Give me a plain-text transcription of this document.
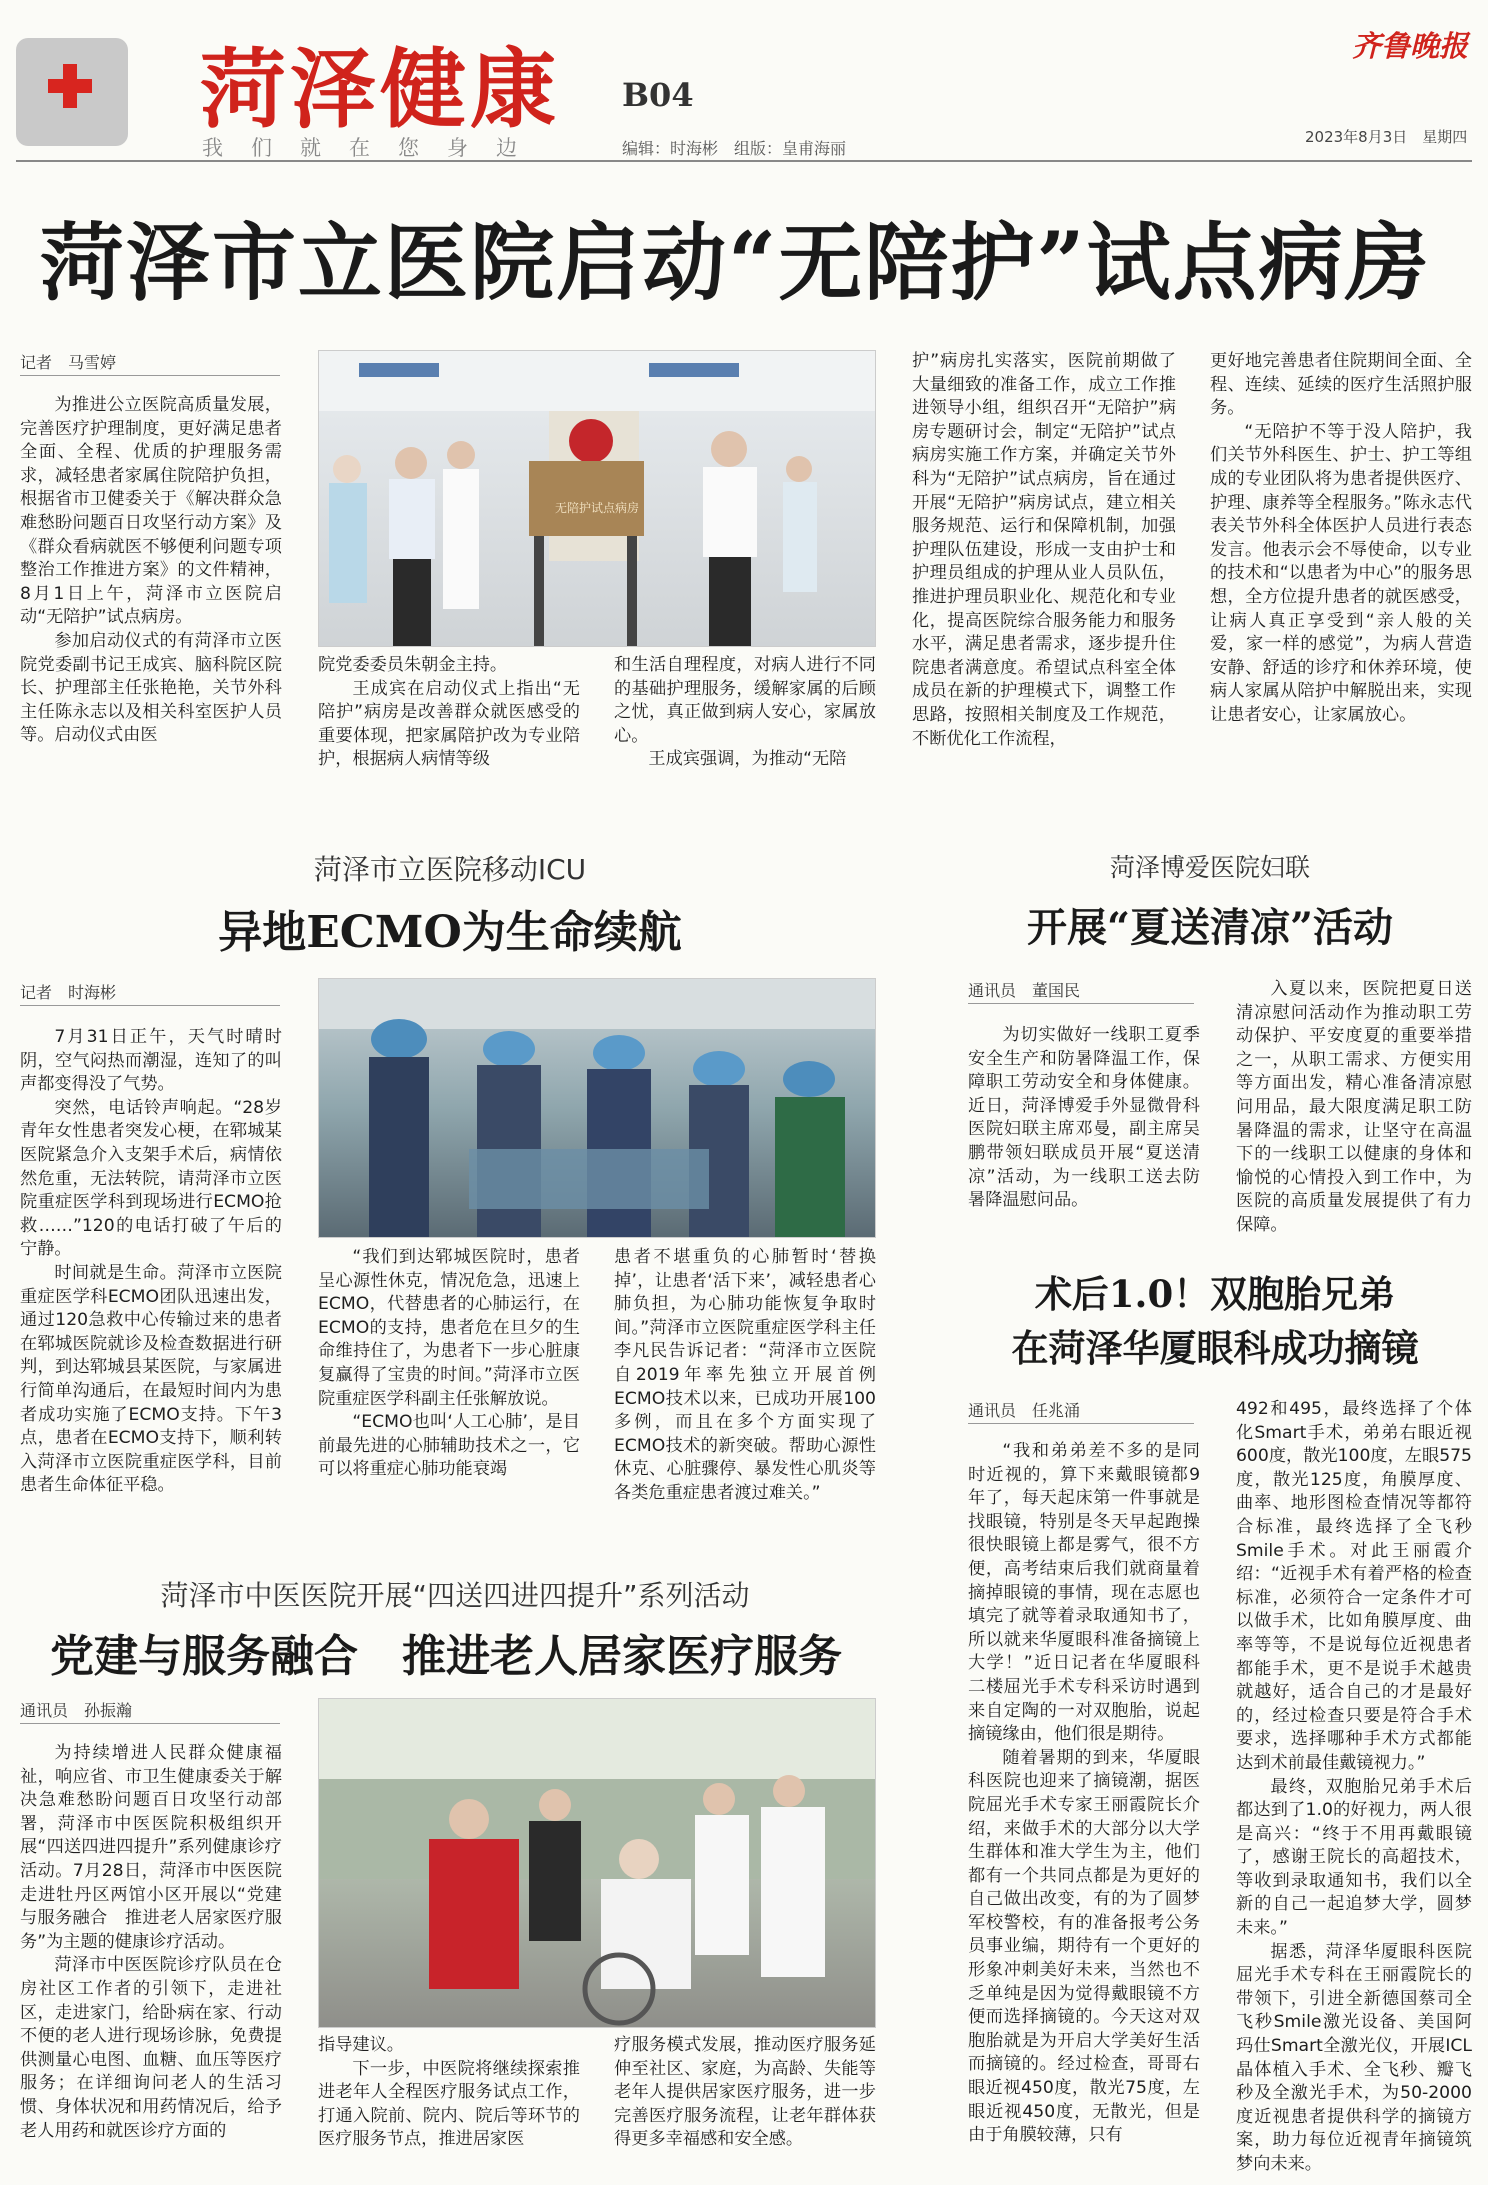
菏泽健康
我们就在您身边
B04
编辑：时海彬　组版：皇甫海丽
齐鲁晚报
2023年8月3日　星期四
菏泽市立医院启动“无陪护”试点病房
记者　马雪婷

为推进公立医院高质量发展，完善医疗护理制度，更好满足患者全面、全程、优质的护理服务需求，减轻患者家属住院陪护负担，根据省市卫健委关于《解决群众急难愁盼问题百日攻坚行动方案》及《群众看病就医不够便利问题专项整治工作推进方案》的文件精神，8月1日上午，菏泽市立医院启动“无陪护”试点病房。

参加启动仪式的有菏泽市立医院党委副书记王成宾、脑科院区院长、护理部主任张艳艳，关节外科主任陈永志以及相关科室医护人员等。启动仪式由医

无陪护试点病房

院党委委员朱朝金主持。

王成宾在启动仪式上指出“无陪护”病房是改善群众就医感受的重要体现，把家属陪护改为专业陪护，根据病人病情等级

和生活自理程度，对病人进行不同的基础护理服务，缓解家属的后顾之忧，真正做到病人安心，家属放心。

王成宾强调，为推动“无陪

护”病房扎实落实，医院前期做了大量细致的准备工作，成立工作推进领导小组，组织召开“无陪护”病房专题研讨会，制定“无陪护”试点病房实施工作方案，并确定关节外科为“无陪护”试点病房，旨在通过开展“无陪护”病房试点，建立相关服务规范、运行和保障机制，加强护理队伍建设，形成一支由护士和护理员组成的护理从业人员队伍，推进护理员职业化、规范化和专业化，提高医院综合服务能力和服务水平，满足患者需求，逐步提升住院患者满意度。希望试点科室全体成员在新的护理模式下，调整工作思路，按照相关制度及工作规范，不断优化工作流程，

更好地完善患者住院期间全面、全程、连续、延续的医疗生活照护服务。

“无陪护不等于没人陪护，我们关节外科医生、护士、护工等组成的专业团队将为患者提供医疗、护理、康养等全程服务。”陈永志代表关节外科全体医护人员进行表态发言。他表示会不辱使命，以专业的技术和“以患者为中心”的服务思想，全方位提升患者的就医感受，让病人真正享受到“亲人般的关爱，家一样的感觉”，为病人营造安静、舒适的诊疗和休养环境，使病人家属从陪护中解脱出来，实现让患者安心，让家属放心。

菏泽市立医院移动ICU
异地ECMO为生命续航
记者　时海彬

7月31日正午，天气时晴时阴，空气闷热而潮湿，连知了的叫声都变得没了气势。

突然，电话铃声响起。“28岁青年女性患者突发心梗，在郓城某医院紧急介入支架手术后，病情依然危重，无法转院，请菏泽市立医院重症医学科到现场进行ECMO抢救……”120的电话打破了午后的宁静。

时间就是生命。菏泽市立医院重症医学科ECMO团队迅速出发，通过120急救中心传输过来的患者在郓城医院就诊及检查数据进行研判，到达郓城县某医院，与家属进行简单沟通后，在最短时间内为患者成功实施了ECMO支持。下午3点，患者在ECMO支持下，顺利转入菏泽市立医院重症医学科，目前患者生命体征平稳。

“我们到达郓城医院时，患者呈心源性休克，情况危急，迅速上ECMO，代替患者的心肺运行，在ECMO的支持，患者危在旦夕的生命维持住了，为患者下一步心脏康复赢得了宝贵的时间。”菏泽市立医院重症医学科副主任张解放说。

“ECMO也叫‘人工心肺’，是目前最先进的心肺辅助技术之一，它可以将重症心肺功能衰竭

患者不堪重负的心肺暂时‘替换掉’，让患者‘活下来’，减轻患者心肺负担，为心肺功能恢复争取时间。”菏泽市立医院重症医学科主任李凡民告诉记者：“菏泽市立医院自2019年率先独立开展首例ECMO技术以来，已成功开展100多例，而且在多个方面实现了ECMO技术的新突破。帮助心源性休克、心脏骤停、暴发性心肌炎等各类危重症患者渡过难关。”

菏泽博爱医院妇联
开展“夏送清凉”活动
通讯员　董国民

为切实做好一线职工夏季安全生产和防暑降温工作，保障职工劳动安全和身体健康。近日，菏泽博爱手外显微骨科医院妇联主席邓曼，副主席吴鹏带领妇联成员开展“夏送清凉”活动，为一线职工送去防暑降温慰问品。

入夏以来，医院把夏日送清凉慰问活动作为推动职工劳动保护、平安度夏的重要举措之一，从职工需求、方便实用等方面出发，精心准备清凉慰问用品，最大限度满足职工防暑降温的需求，让坚守在高温下的一线职工以健康的身体和愉悦的心情投入到工作中，为医院的高质量发展提供了有力保障。

术后1.0！双胞胎兄弟
在菏泽华厦眼科成功摘镜
通讯员　任兆涌

“我和弟弟差不多的是同时近视的，算下来戴眼镜都9年了，每天起床第一件事就是找眼镜，特别是冬天早起跑操很快眼镜上都是雾气，很不方便，高考结束后我们就商量着摘掉眼镜的事情，现在志愿也填完了就等着录取通知书了，所以就来华厦眼科准备摘镜上大学！”近日记者在华厦眼科二楼屈光手术专科采访时遇到来自定陶的一对双胞胎，说起摘镜缘由，他们很是期待。

随着暑期的到来，华厦眼科医院也迎来了摘镜潮，据医院屈光手术专家王丽霞院长介绍，来做手术的大部分以大学生群体和准大学生为主，他们都有一个共同点都是为更好的自己做出改变，有的为了圆梦军校警校，有的准备报考公务员事业编，期待有一个更好的形象冲刺美好未来，当然也不乏单纯是因为觉得戴眼镜不方便而选择摘镜的。今天这对双胞胎就是为开启大学美好生活而摘镜的。经过检查，哥哥右眼近视450度，散光75度，左眼近视450度，无散光，但是由于角膜较薄，只有

492和495，最终选择了个体化Smart手术，弟弟右眼近视600度，散光100度，左眼575度，散光125度，角膜厚度、曲率、地形图检查情况等都符合标准，最终选择了全飞秒Smile手术。对此王丽霞介绍：“近视手术有着严格的检查标准，必须符合一定条件才可以做手术，比如角膜厚度、曲率等等，不是说每位近视患者都能手术，更不是说手术越贵就越好，适合自己的才是最好的，经过检查只要是符合手术要求，选择哪种手术方式都能达到术前最佳戴镜视力。”

最终，双胞胎兄弟手术后都达到了1.0的好视力，两人很是高兴：“终于不用再戴眼镜了，感谢王院长的高超技术，等收到录取通知书，我们以全新的自己一起追梦大学，圆梦未来。”

据悉，菏泽华厦眼科医院屈光手术专科在王丽霞院长的带领下，引进全新德国蔡司全飞秒Smile激光设备、美国阿玛仕Smart全激光仪，开展ICL晶体植入手术、全飞秒、瓣飞秒及全激光手术，为50-2000度近视患者提供科学的摘镜方案，助力每位近视青年摘镜筑梦向未来。

菏泽市中医医院开展“四送四进四提升”系列活动
党建与服务融合　推进老人居家医疗服务
通讯员　孙振瀚

为持续增进人民群众健康福祉，响应省、市卫生健康委关于解决急难愁盼问题百日攻坚行动部署，菏泽市中医医院积极组织开展“四送四进四提升”系列健康诊疗活动。7月28日，菏泽市中医医院走进牡丹区两馆小区开展以“党建与服务融合　推进老人居家医疗服务”为主题的健康诊疗活动。

菏泽市中医医院诊疗队员在仓房社区工作者的引领下，走进社区，走进家门，给卧病在家、行动不便的老人进行现场诊脉，免费提供测量心电图、血糖、血压等医疗服务；在详细询问老人的生活习惯、身体状况和用药情况后，给予老人用药和就医诊疗方面的

指导建议。

下一步，中医院将继续探索推进老年人全程医疗服务试点工作，打通入院前、院内、院后等环节的医疗服务节点，推进居家医

疗服务模式发展，推动医疗服务延伸至社区、家庭，为高龄、失能等老年人提供居家医疗服务，进一步完善医疗服务流程，让老年群体获得更多幸福感和安全感。
